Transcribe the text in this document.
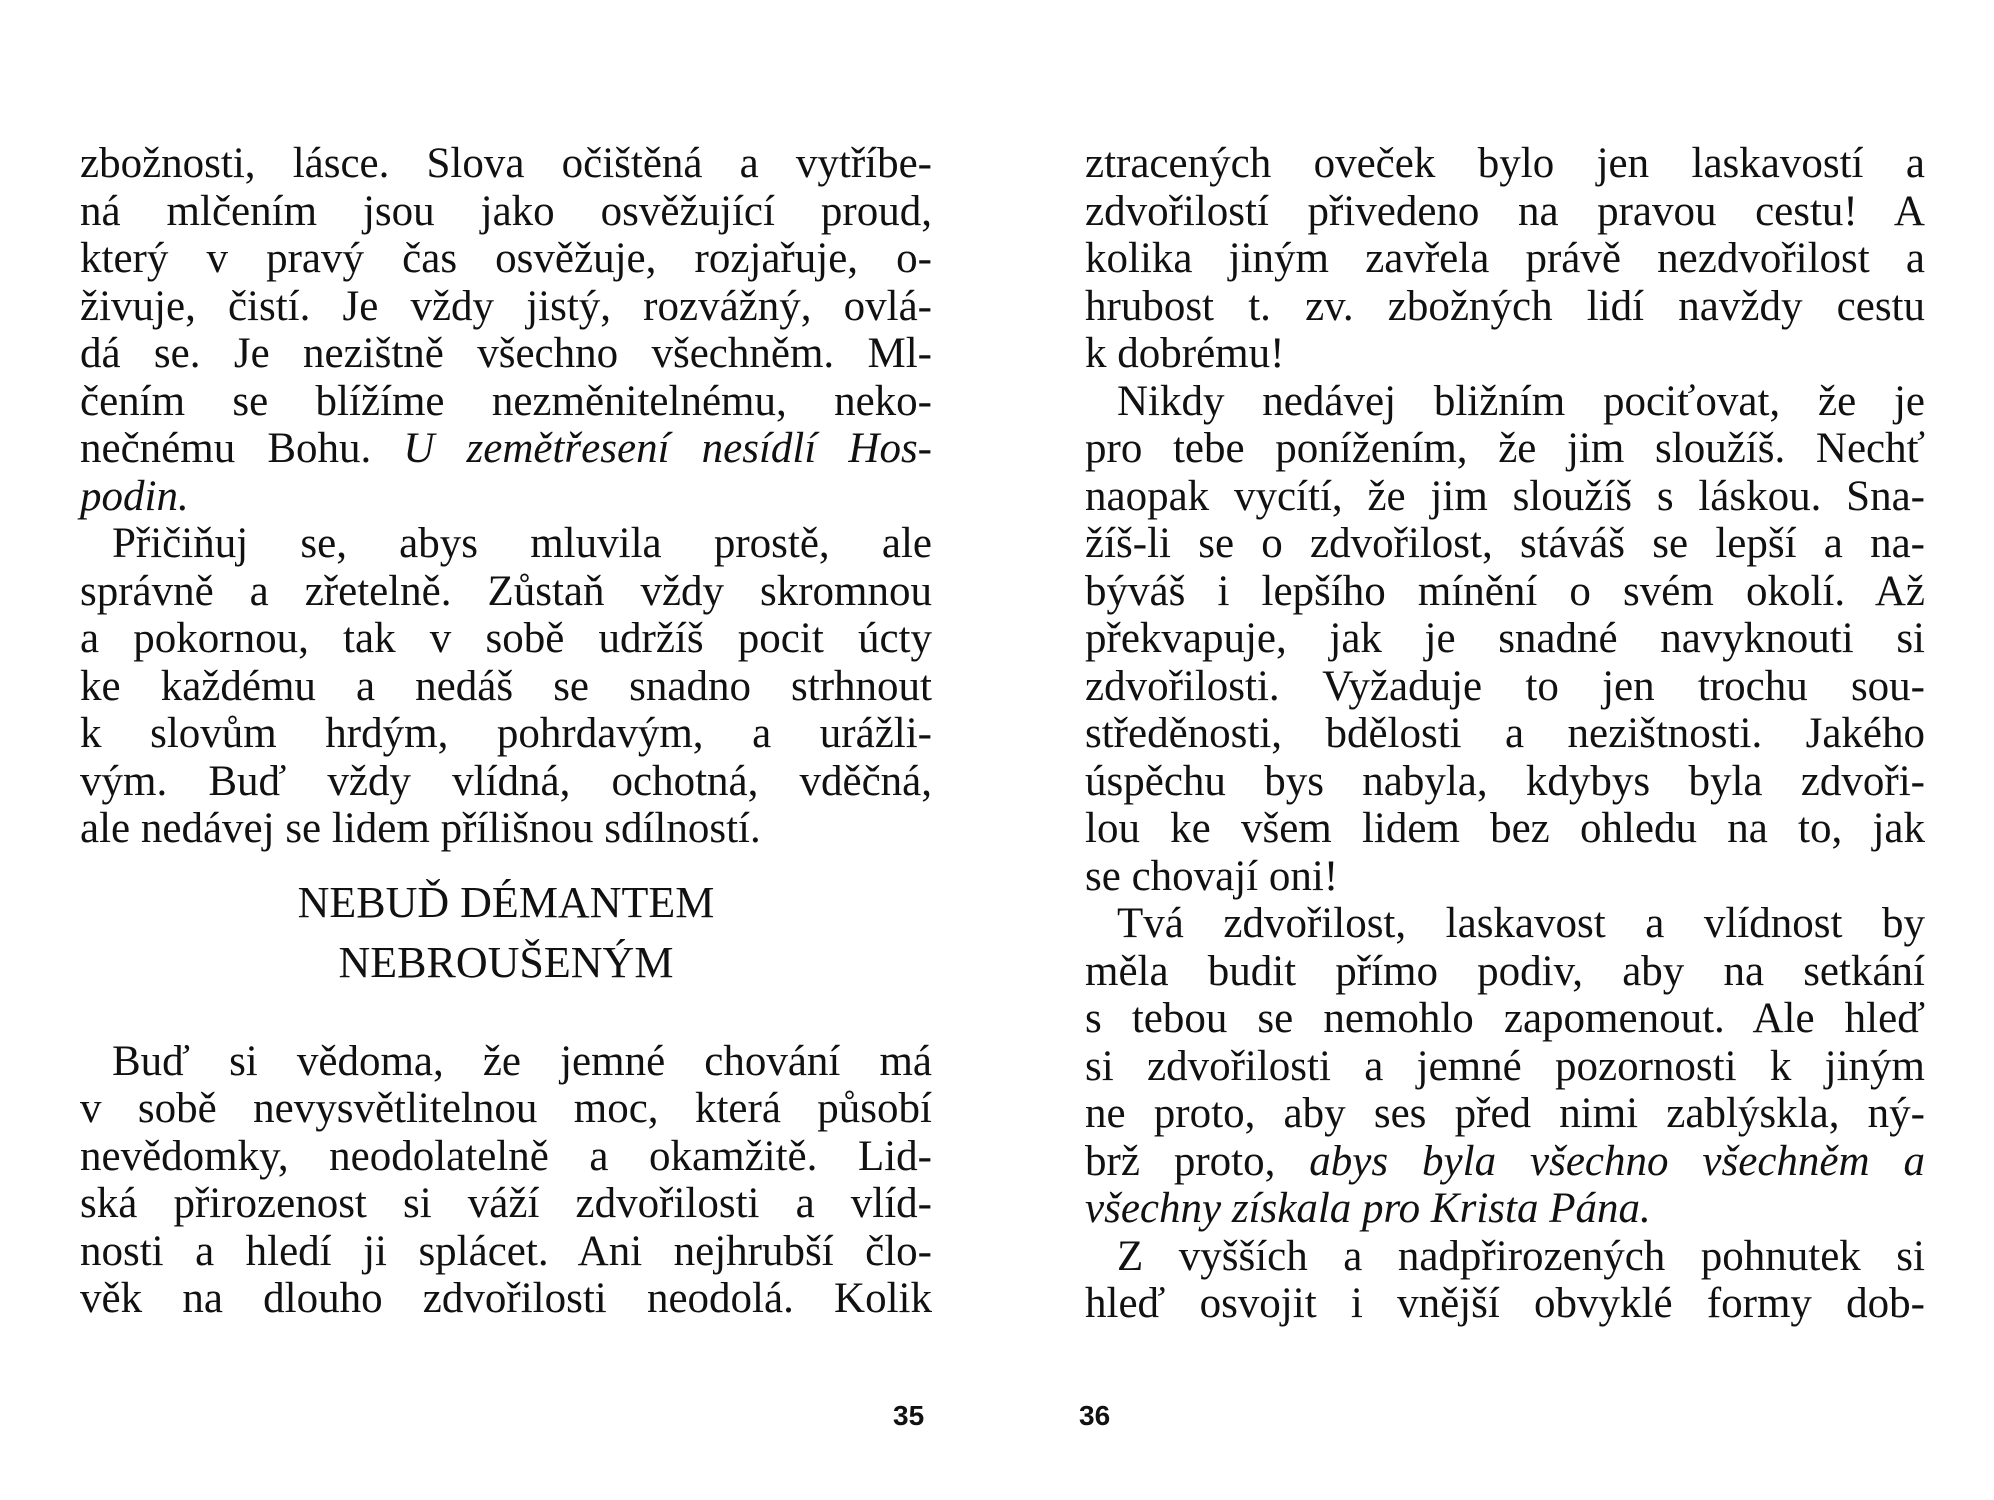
zbožnosti, lásce. Slova očištěná a vytříbe-
ná mlčením jsou jako osvěžující proud,
který v pravý čas osvěžuje, rozjařuje, o-
živuje, čistí. Je vždy jistý, rozvážný, ovlá-
dá se. Je nezištně všechno všechněm. Ml-
čením se blížíme nezměnitelnému, neko-
nečnému Bohu. U zemětřesení nesídlí Hos-
podin.
Přičiňuj se, abys mluvila prostě, ale
správně a zřetelně. Zůstaň vždy skromnou
a pokornou, tak v sobě udržíš pocit úcty
ke každému a nedáš se snadno strhnout
k slovům hrdým, pohrdavým, a urážli-
vým. Buď vždy vlídná, ochotná, vděčná,
ale nedávej se lidem přílišnou sdílností.
NEBUĎ DÉMANTEM
NEBROUŠENÝM
Buď si vědoma, že jemné chování má
v sobě nevysvětlitelnou moc, která působí
nevědomky, neodolatelně a okamžitě. Lid-
ská přirozenost si váží zdvořilosti a vlíd-
nosti a hledí ji splácet. Ani nejhrubší člo-
věk na dlouho zdvořilosti neodolá. Kolik
ztracených oveček bylo jen laskavostí a
zdvořilostí přivedeno na pravou cestu! A
kolika jiným zavřela právě nezdvořilost a
hrubost t. zv. zbožných lidí navždy cestu
k dobrému!
Nikdy nedávej bližním pociťovat, že je
pro tebe ponížením, že jim sloužíš. Nechť
naopak vycítí, že jim sloužíš s láskou. Sna-
žíš-li se o zdvořilost, stáváš se lepší a na-
býváš i lepšího mínění o svém okolí. Až
překvapuje, jak je snadné navyknouti si
zdvořilosti. Vyžaduje to jen trochu sou-
středěnosti, bdělosti a nezištnosti. Jakého
úspěchu bys nabyla, kdybys byla zdvoři-
lou ke všem lidem bez ohledu na to, jak
se chovají oni!
Tvá zdvořilost, laskavost a vlídnost by
měla budit přímo podiv, aby na setkání
s tebou se nemohlo zapomenout. Ale hleď
si zdvořilosti a jemné pozornosti k jiným
ne proto, aby ses před nimi zablýskla, ný-
brž proto, abys byla všechno všechněm a
všechny získala pro Krista Pána.
Z vyšších a nadpřirozených pohnutek si
hleď osvojit i vnější obvyklé formy dob-
35	36
